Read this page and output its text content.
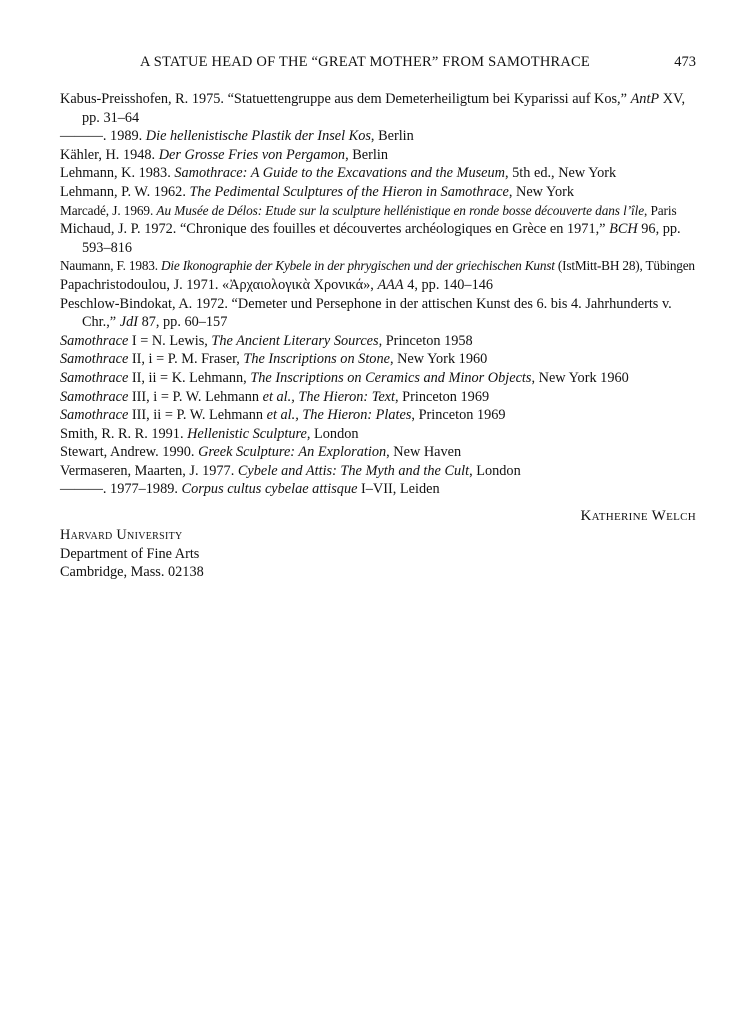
A STATUE HEAD OF THE “GREAT MOTHER” FROM SAMOTHRACE	473
Kabus-Preisshofen, R. 1975. “Statuettengruppe aus dem Demeterheiligtum bei Kyparissi auf Kos,” AntP XV, pp. 31–64
———. 1989. Die hellenistische Plastik der Insel Kos, Berlin
Kähler, H. 1948. Der Grosse Fries von Pergamon, Berlin
Lehmann, K. 1983. Samothrace: A Guide to the Excavations and the Museum, 5th ed., New York
Lehmann, P. W. 1962. The Pedimental Sculptures of the Hieron in Samothrace, New York
Marcadé, J. 1969. Au Musée de Délos: Etude sur la sculpture hellénistique en ronde bosse découverte dans l’île, Paris
Michaud, J. P. 1972. “Chronique des fouilles et découvertes archéologiques en Grèce en 1971,” BCH 96, pp. 593–816
Naumann, F. 1983. Die Ikonographie der Kybele in der phrygischen und der griechischen Kunst (IstMitt-BH 28), Tübingen
Papachristodoulou, J. 1971. «Ἀρχαιολογικὰ Χρονικά», AAA 4, pp. 140–146
Peschlow-Bindokat, A. 1972. “Demeter und Persephone in der attischen Kunst des 6. bis 4. Jahrhunderts v. Chr.,” JdI 87, pp. 60–157
Samothrace I = N. Lewis, The Ancient Literary Sources, Princeton 1958
Samothrace II, i = P. M. Fraser, The Inscriptions on Stone, New York 1960
Samothrace II, ii = K. Lehmann, The Inscriptions on Ceramics and Minor Objects, New York 1960
Samothrace III, i = P. W. Lehmann et al., The Hieron: Text, Princeton 1969
Samothrace III, ii = P. W. Lehmann et al., The Hieron: Plates, Princeton 1969
Smith, R. R. R. 1991. Hellenistic Sculpture, London
Stewart, Andrew. 1990. Greek Sculpture: An Exploration, New Haven
Vermaseren, Maarten, J. 1977. Cybele and Attis: The Myth and the Cult, London
———. 1977–1989. Corpus cultus cybelae attisque I–VII, Leiden
Katherine Welch
Harvard University
Department of Fine Arts
Cambridge, Mass. 02138
